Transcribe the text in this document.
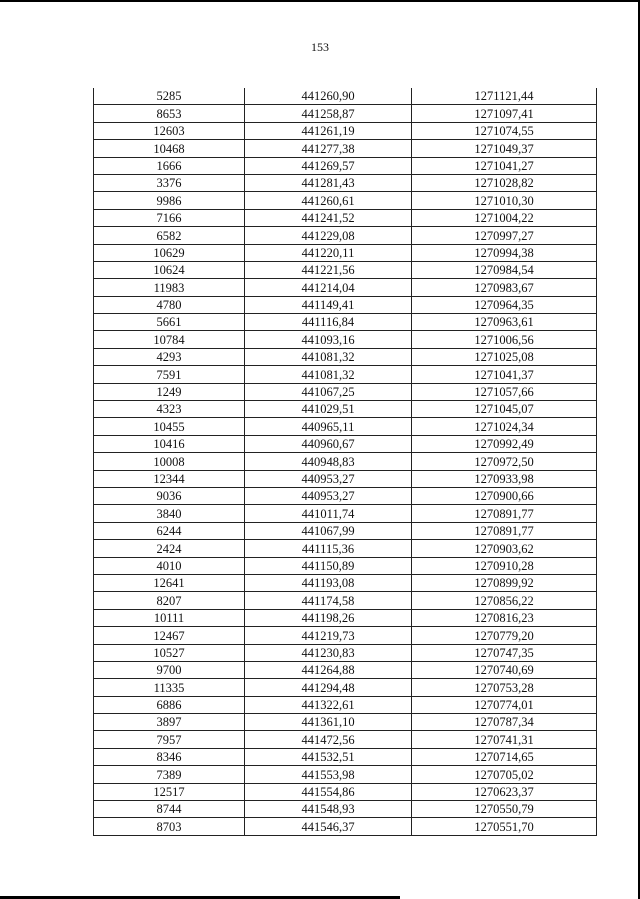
153
5285	441260,90	1271121,44
8653	441258,87	1271097,41
12603	441261,19	1271074,55
10468	441277,38	1271049,37
1666	441269,57	1271041,27
3376	441281,43	1271028,82
9986	441260,61	1271010,30
7166	441241,52	1271004,22
6582	441229,08	1270997,27
10629	441220,11	1270994,38
10624	441221,56	1270984,54
11983	441214,04	1270983,67
4780	441149,41	1270964,35
5661	441116,84	1270963,61
10784	441093,16	1271006,56
4293	441081,32	1271025,08
7591	441081,32	1271041,37
1249	441067,25	1271057,66
4323	441029,51	1271045,07
10455	440965,11	1271024,34
10416	440960,67	1270992,49
10008	440948,83	1270972,50
12344	440953,27	1270933,98
9036	440953,27	1270900,66
3840	441011,74	1270891,77
6244	441067,99	1270891,77
2424	441115,36	1270903,62
4010	441150,89	1270910,28
12641	441193,08	1270899,92
8207	441174,58	1270856,22
10111	441198,26	1270816,23
12467	441219,73	1270779,20
10527	441230,83	1270747,35
9700	441264,88	1270740,69
11335	441294,48	1270753,28
6886	441322,61	1270774,01
3897	441361,10	1270787,34
7957	441472,56	1270741,31
8346	441532,51	1270714,65
7389	441553,98	1270705,02
12517	441554,86	1270623,37
8744	441548,93	1270550,79
8703	441546,37	1270551,70
